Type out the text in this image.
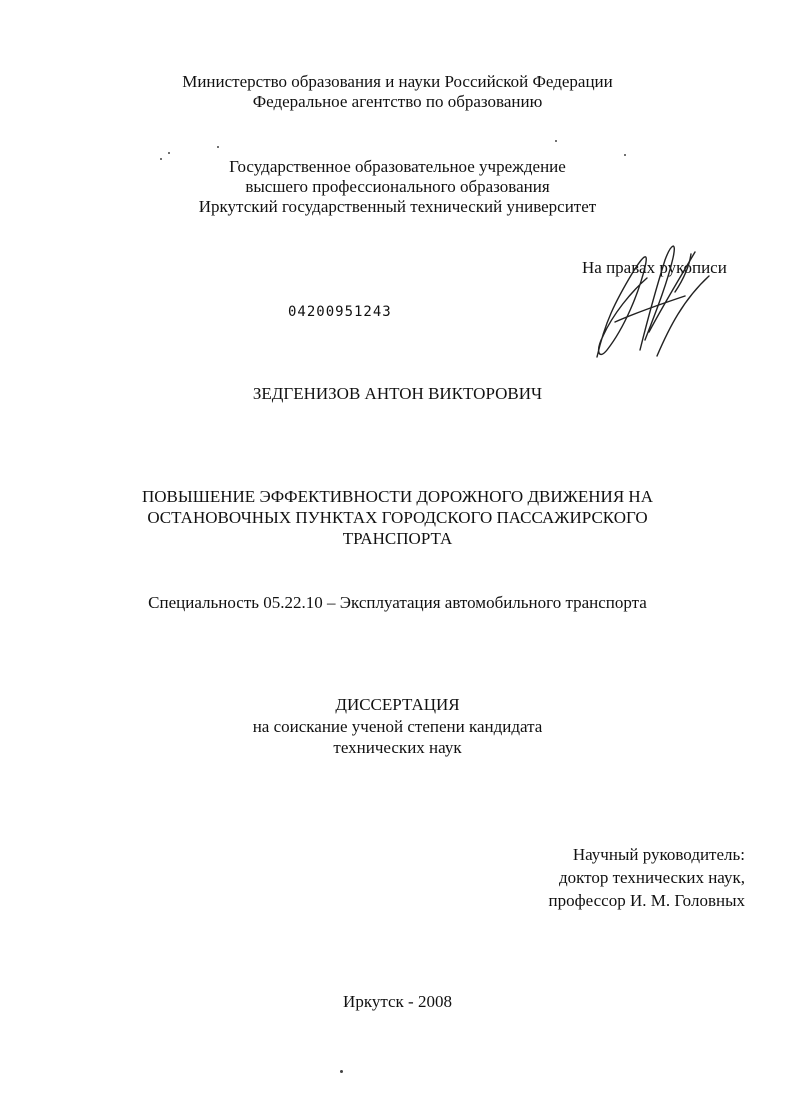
Министерство образования и науки Российской Федерации
Федеральное агентство по образованию
Государственное образовательное учреждение
высшего профессионального образования
Иркутский государственный технический университет
На правах рукописи
04200951243
ЗЕДГЕНИЗОВ АНТОН ВИКТОРОВИЧ
ПОВЫШЕНИЕ ЭФФЕКТИВНОСТИ ДОРОЖНОГО ДВИЖЕНИЯ НА
ОСТАНОВОЧНЫХ ПУНКТАХ ГОРОДСКОГО ПАССАЖИРСКОГО
ТРАНСПОРТА
Специальность 05.22.10 – Эксплуатация автомобильного транспорта
ДИССЕРТАЦИЯ
на соискание ученой степени кандидата
технических наук
Научный руководитель:
доктор технических наук,
профессор И. М. Головных
Иркутск - 2008
